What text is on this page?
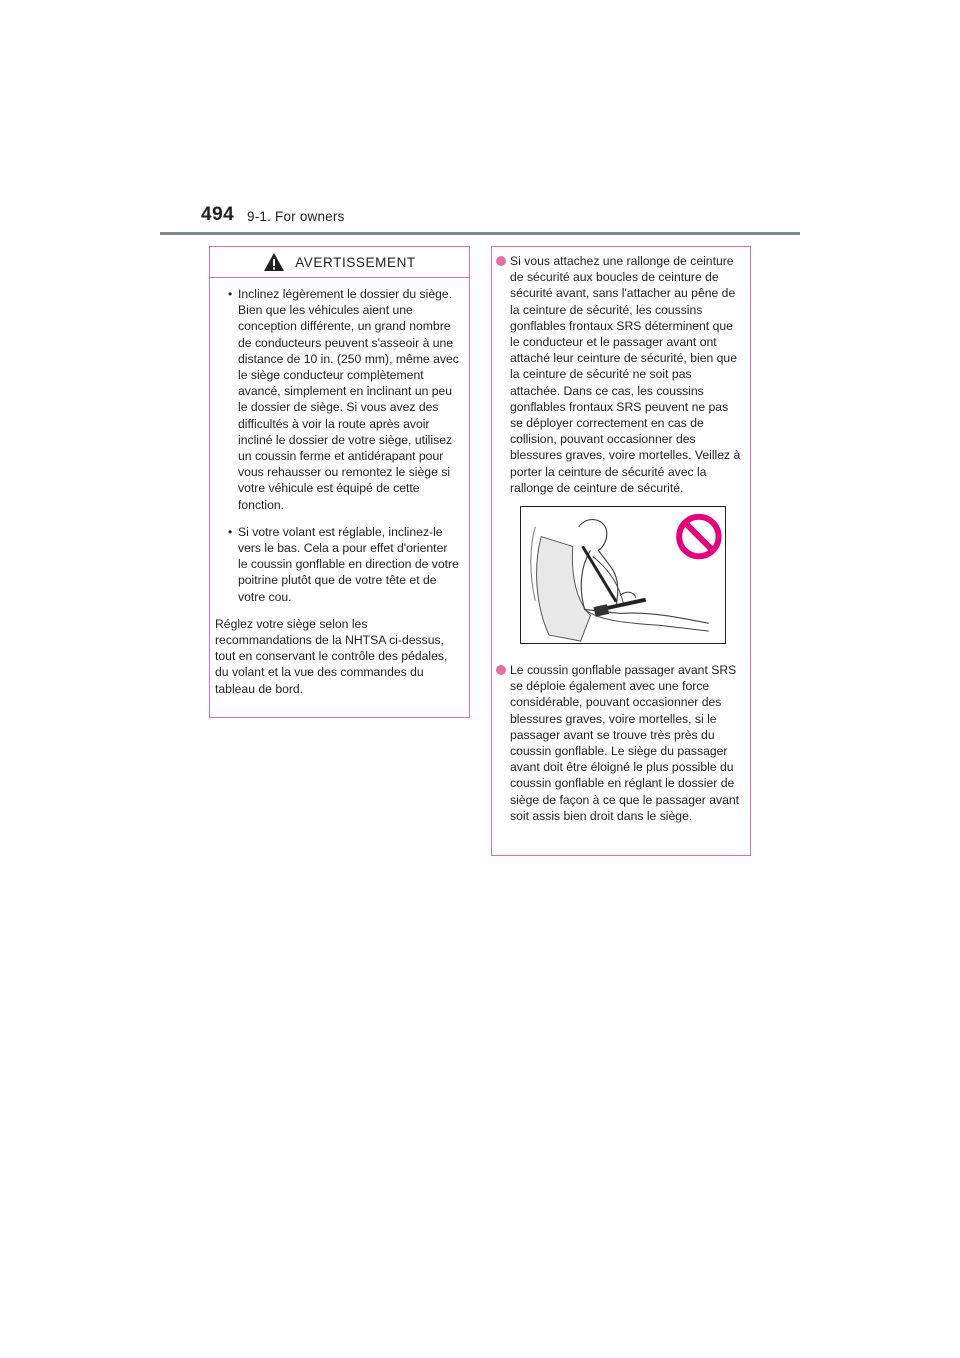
494 9-1. For owners
AVERTISSEMENT
• Inclinez légèrement le dossier du siège.
Bien que les véhicules aient une conception différente, un grand nombre de conducteurs peuvent s'asseoir à une distance de 10 in. (250 mm), même avec le siège conducteur complètement avancé, simplement en inclinant un peu le dossier de siège. Si vous avez des difficultés à voir la route après avoir incliné le dossier de votre siège, utilisez un coussin ferme et antidérapant pour vous rehausser ou remontez le siège si votre véhicule est équipé de cette fonction.

• Si votre volant est réglable, inclinez-le vers le bas. Cela a pour effet d'orienter le coussin gonflable en direction de votre poitrine plutôt que de votre tête et de votre cou.

Réglez votre siège selon les recommandations de la NHTSA ci-dessus, tout en conservant le contrôle des pédales, du volant et la vue des commandes du tableau de bord.

Si vous attachez une rallonge de ceinture de sécurité aux boucles de ceinture de sécurité avant, sans l'attacher au pêne de la ceinture de sécurité, les coussins gonflables frontaux SRS déterminent que le conducteur et le passager avant ont attaché leur ceinture de sécurité, bien que la ceinture de sécurité ne soit pas attachée. Dans ce cas, les coussins gonflables frontaux SRS peuvent ne pas se déployer correctement en cas de collision, pouvant occasionner des blessures graves, voire mortelles. Veillez à porter la ceinture de sécurité avec la rallonge de ceinture de sécurité.

Le coussin gonflable passager avant SRS se déploie également avec une force considérable, pouvant occasionner des blessures graves, voire mortelles, si le passager avant se trouve très près du coussin gonflable. Le siège du passager avant doit être éloigné le plus possible du coussin gonflable en réglant le dossier de siège de façon à ce que le passager avant soit assis bien droit dans le siège.
